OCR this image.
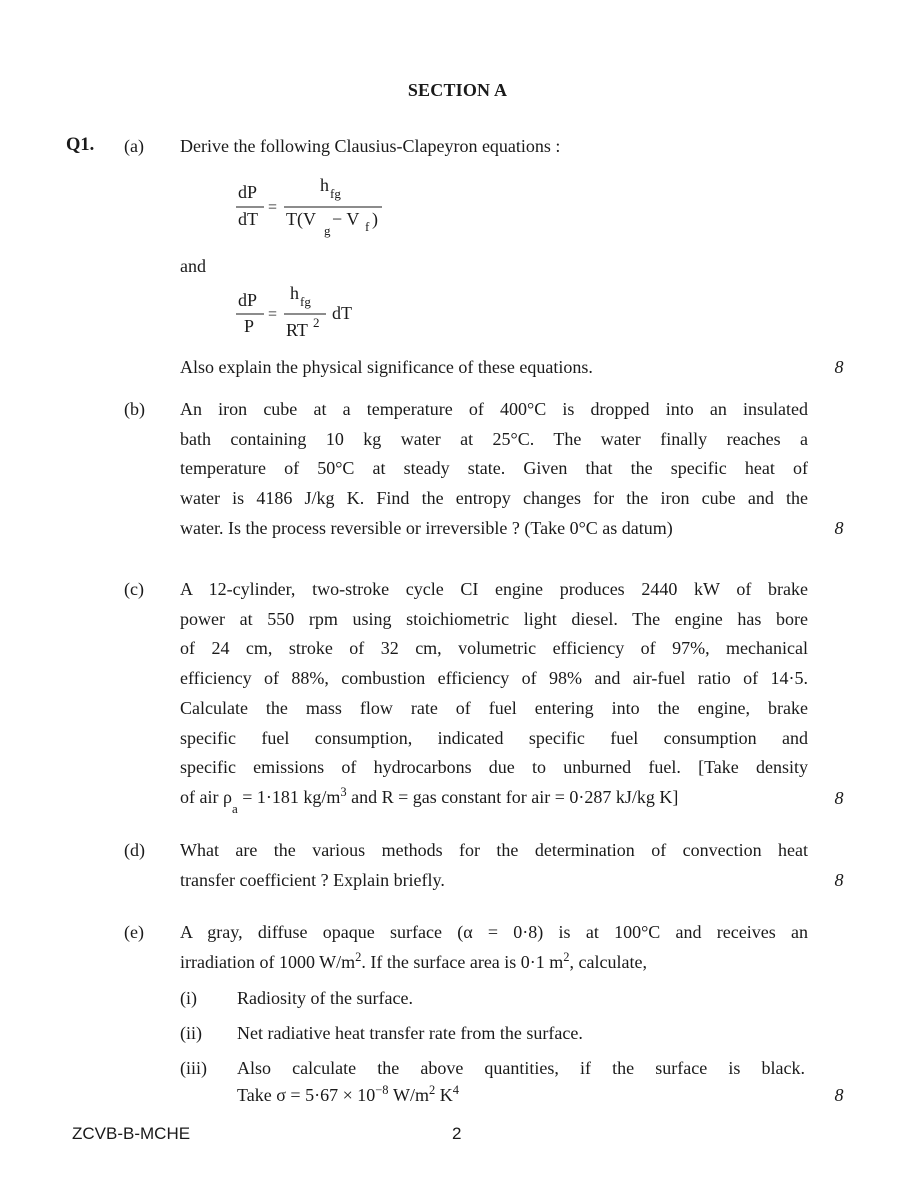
SECTION A
Q1. (a) Derive the following Clausius-Clapeyron equations :
dP
dT
=
h fg
T(V
g
− V f )
and
dP
P
=
h fg
RT 2 dT
Also explain the physical significance of these equations.	8
(b) An iron cube at a temperature of 400°C is dropped into an insulated
bath containing 10 kg water at 25°C. The water finally reaches a
temperature of 50°C at steady state. Given that the specific heat of
water is 4186 J/kg K. Find the entropy changes for the iron cube and the
water. Is the process reversible or irreversible ? (Take 0°C as datum)	8
(c) A 12-cylinder, two-stroke cycle CI engine produces 2440 kW of brake
power at 550 rpm using stoichiometric light diesel. The engine has bore
of 24 cm, stroke of 32 cm, volumetric efficiency of 97%, mechanical
efficiency of 88%, combustion efficiency of 98% and air-fuel ratio of 14·5.
Calculate the mass flow rate of fuel entering into the engine, brake
specific fuel consumption, indicated specific fuel consumption and
specific emissions of hydrocarbons due to unburned fuel. [Take density
of air $\rho_a = 1\cdot 181$ $kg/m^3$ and R = gas constant for air = 0·287 kJ/kg K]	8
(d) What are the various methods for the determination of convection heat
transfer coefficient ? Explain briefly.	8
(e) A gray, diffuse opaque surface (α = 0·8) is at 100°C and receives an
irradiation of 1000 $W/m^2$. If the surface area is 0·1 $m^2$, calculate,
(i) Radiosity of the surface.
(ii) Net radiative heat transfer rate from the surface.
(iii) Also calculate the above quantities, if the surface is black.
Take $\sigma = 5\cdot 67 \times 10^{-8}$ $W/m^2$ $K^4$	8
ZCVB-B-MCHE	2
